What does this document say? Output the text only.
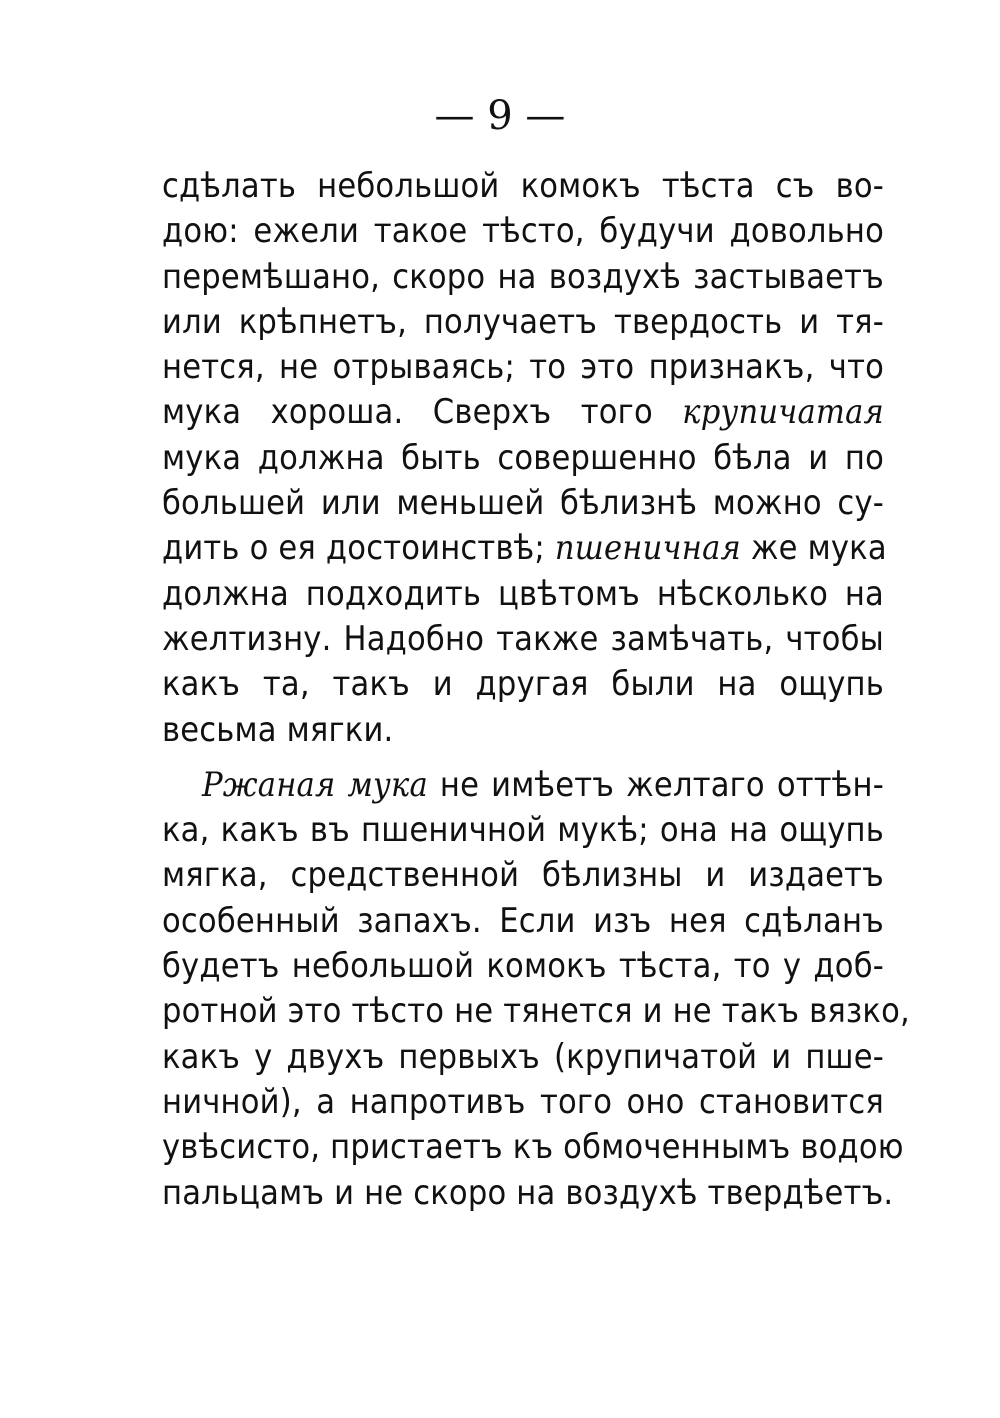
— 9 —
сдѣлать небольшой комокъ тѣста съ во-
дою: ежели такое тѣсто, будучи довольно
перемѣшано, скоро на воздухѣ застываетъ
или крѣпнетъ, получаетъ твердость и тя-
нется, не отрываясь; то это признакъ, что
мука хороша. Сверхъ того крупичатая
мука должна быть совершенно бѣла и по
большей или меньшей бѣлизнѣ можно су-
дить о ея достоинствѣ; пшеничная же мука
должна подходить цвѣтомъ нѣсколько на
желтизну. Надобно также замѣчать, чтобы
какъ та, такъ и другая были на ощупь
весьма мягки.
Ржаная мука не имѣетъ желтаго оттѣн-
ка, какъ въ пшеничной мукѣ; она на ощупь
мягка, средственной бѣлизны и издаетъ
особенный запахъ. Если изъ нея сдѣланъ
будетъ небольшой комокъ тѣста, то у доб-
ротной это тѣсто не тянется и не такъ вязко,
какъ у двухъ первыхъ (крупичатой и пше-
ничной), а напротивъ того оно становится
увѣсисто, пристаетъ къ обмоченнымъ водою
пальцамъ и не скоро на воздухѣ твердѣетъ.
